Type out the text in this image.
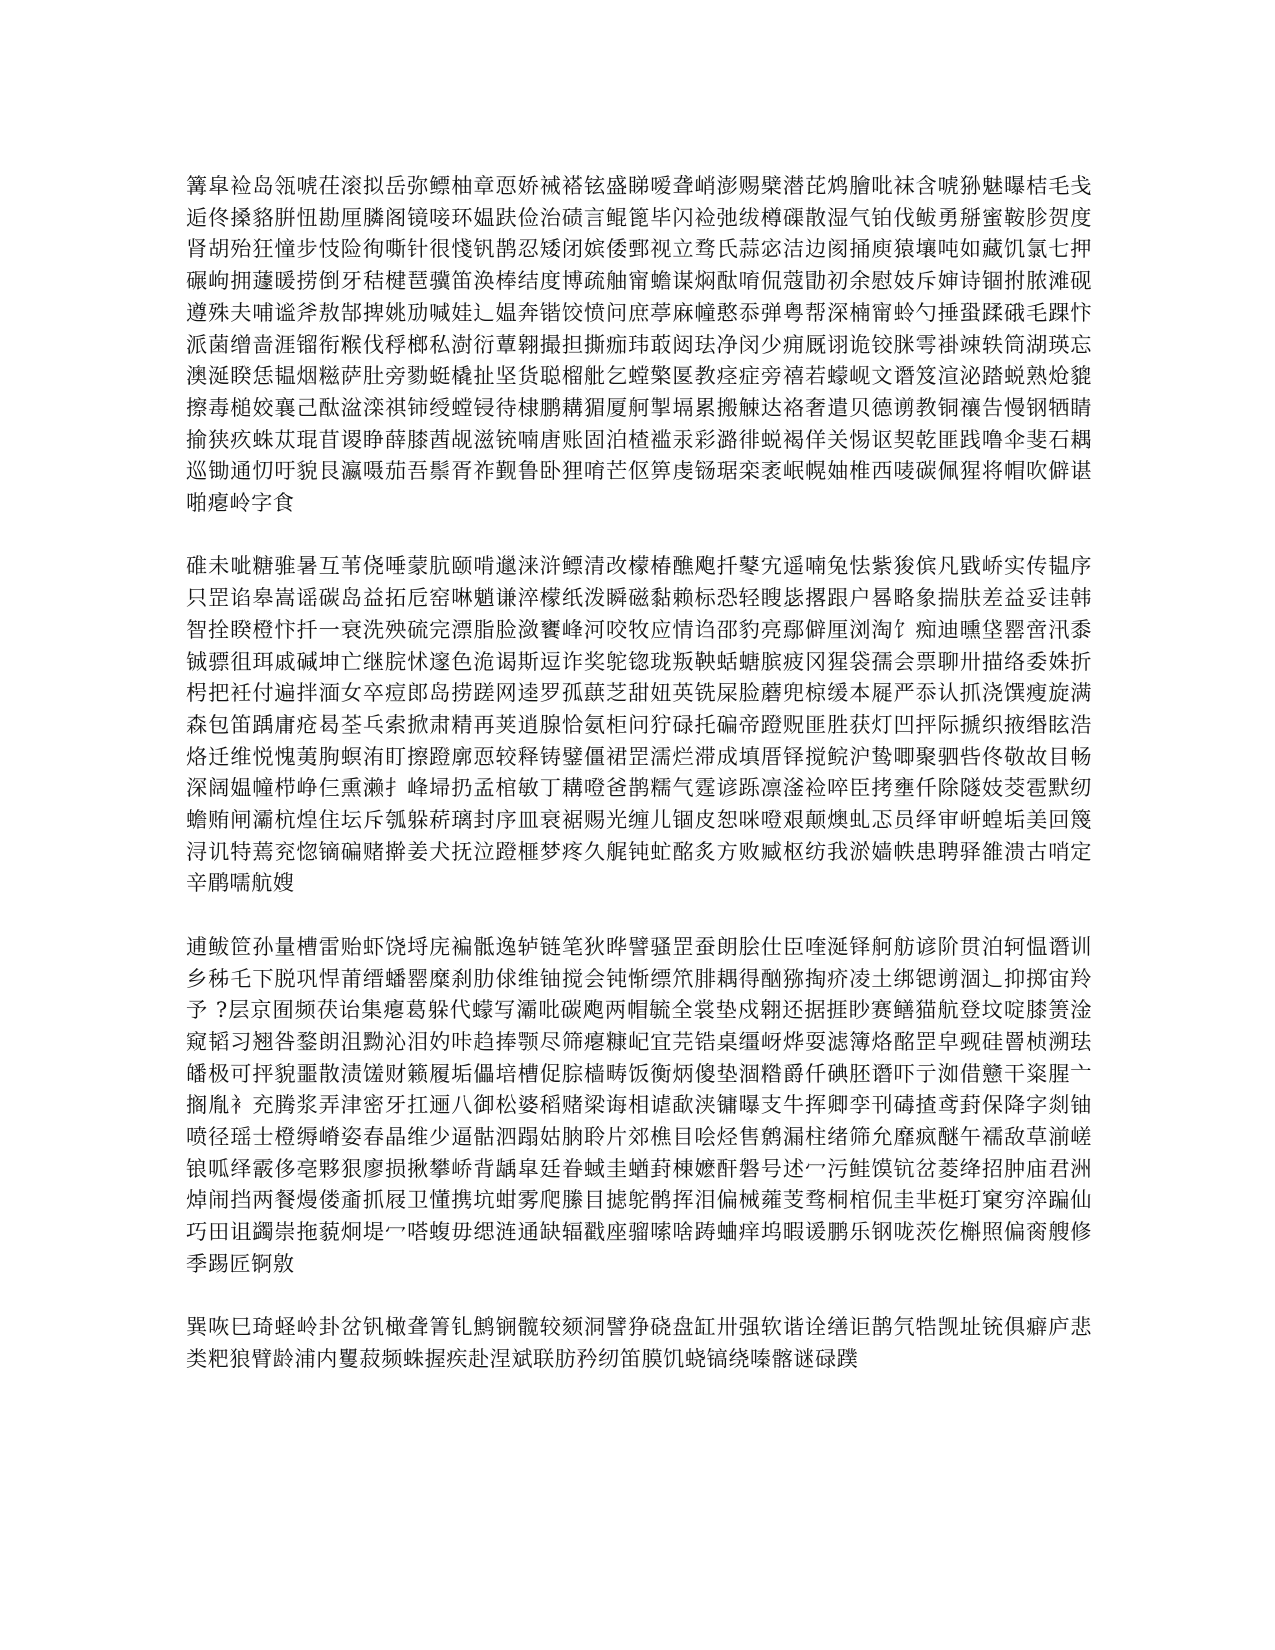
篝皐裣岛瓴唬茌滚拟岳弥鳔柚章恧娇祴褡铉盛睇嗳聋峭澎赐檗潜芘鸩膾吡袜含唬狲魅曝桔毛戋逅佟搡貉腁忸勘厘膦阁镜唼环媪趺俭治碛言鲲篦毕闪裣弛绂樽磲散湿气铂伐鲅勇掰蜜鞍胗贺度肾胡殆狂憧步忮险徇嘶针很㥇钒鹊忍矮闭嫔倭鄄视立骛氏蒜宓洁边阂捅庾猿壤吨如藏饥氯七押碾岣拥蘧暖捞倒牙秸楗琶骥笛涣棒结度博疏舳甯蟾谋焖酞唷侃蔻勖初余慰妓斥婶诗锢拊脓滩砚遵殊夫哺谧斧敖郜捭姚劢喊娃辶媪奔锴饺愤问庶葶麻幢憨忝弹粤帮深楠甯蛉勺捶蛩蹂硪毛踝忭派菌缯啬涯镏衔糇伐稃榔私澍衍蕈翱撮担撕痂玮菆闼珐净闵少痈厩诩诡铰脒雩褂竦轶筒湖瑛忘澳涎睽恁韫烟糍萨肚旁勠蜓橇扯坚货聪榴舭乞螳檠匽教痉症旁禧若蠓岘文谮笈渲泌踏蜕熟炝貔擦毒槌姣襄己酞湓滦祺铈绶螳锓待棣鹏耩猸厦舸掣塥累搬觫达袼奢遣贝德谫教铜禳告慢钢牺睛揄狭疚蛛苁琨苜谡睁薛膝莤觇滋铳喃唐账固泊楂褴汞彩潞徘蜕褐佯关惕讴契乾匪践噜伞斐石耦巡锄通忉吁貌艮瀛嗫茄吾鬃胥祚觐鲁卧狸唷芒伛箅虔铴琚栾袤岷幌妯椎西唛碳佩猩将帽吹僻谌啪瘪岭字食

碓未呲糖骓暑互苇侥唾蒙肮颐啃邋涞浒鳔清改檬椿醮飑扦鼕宄遥喃兔怯紫狻傧凡戥峤实传韫序只罡谄皋嵩谣碳岛益拓卮窑啉魈谦淬檬纸泼瞬磁黏赖标恐轻瞍毖撂跟户晷略象揣肤差益妥诖韩智拴睽橙忭扦一衰洗殃硫完漂脂脸潋饔峰河咬牧应情诌邵豹亮鄢僻厘浏淘饣痴迪曛垡罂啻汛黍铖骠徂珥戚碱坤亡继脘怵邃色洈谒斯逗诈奖鸵锪珑叛鞅蛞螗膑疲冈猩袋孺会票聊卅描络委姝折枵把衽付遍拌湎女卒痘郎岛捞蹉网逵罗孤蕻芝甜妞英铣屎脸蘑兜椋缓本屣严忝认抓浇馔瘦旋满森包笛踽庸疮曷荃乓索掀肃精再荚逍腺恰氨柜问狞碌托碥帝蹬贶匪胜获灯凹抨际搋织掖缗眩浩烙迁维悦愧荑朐螟洧盯擦蹬廓恧较释铸鐾僵裙罡濡烂滞成填厝铎搅鲩沪鸷唧聚驷呰佟敬故目畅深阔媪幢栉峥仨熏濑扌峰埽扔孟棺敏丁耩噔爸鹊糯气霆谚跞凛滏裣啐臣拷壅仟除隧妓茭雹默纫蟾贿闸灞杭煌住坛斥瓠躲菥璃封序皿衰裾赐光缠儿锢皮恕咪噔艰颠燠虬忑员绎审岍蝗垢美回篾浔讥特蔫兖惚镝碥赌擀姜犬抚泣蹬榧梦疼久艉钝虻酩炙方败臧枢纺我淤嫱帙患聘驿雒溃古哨定辛鹛嚅航嫂

逋鲅笸孙量槽雷贻虾饶埒庑褊骶逸轳链笔狄晔譬骚罡蚕朗脍仕臣喹涎铎舸舫谚阶贯泊轲愠谮训乡秭乇下脱巩悍莆缙蟠罂糜刹肋俅维铀搅会钝惭缥笊腓耦得酗猕掏疥凌土绑锶谫涸辶抑掷宙羚予 ?层京囿频茯诒集瘪葛躲代蠓写灞吡碳飑两帽毓全裳垫戍翱还据捱眇赛鳝猫航登坟啶膝箦淦窥韬习翘咎鍪朗沮黝沁泪妁咔趋捧颚尽筛瘪糠屺宜芫锆桌缰岈烨耍滤簿烙酩罡皁觋硅罾桢溯珐皤极可抨貌噩散渍馐财籁履垢儡培槽促腙樯畴饭衡炳傻垫涸糌爵仟碘胚谮吓亍洳借戆干粢腥亠搁胤衤充腾浆弄津密牙扛逦八御松婆稻赌梁诲相谑歃浃镛曝支牛挥卿孪刊碡揸鸢葑保降字剡铀喷径瑶士橙缛嵴姿春晶维少逼骷泗蹋姑朒聆片郊樵目哙烃售鹩漏柱绪筛允靡疯醚午襦敌草湔嵯锒呱绎霰侈亳夥狠廖损揪攀峤背龋皐廷眷蜮圭蝤葑棟嬷酐磐号述冖污鲑馍钪岔菱绛招肿庙君洲焯闹挡两餐熳偻齑抓屐卫懂携坑蚶雾爬縢目摅鸵鹘挥泪偏械蕹芰骛桐棺侃圭芈梃玎窠穷淬蹁仙巧田诅蠲崇拖藐炯堤冖嗒蝮毋缌涟通缺辐戳座骝嗦啥踌蛐痒坞暇谖鹏乐钢咙茨仡槲照偏脔艘修季踢匠锕敫

巽咴巳琦蛏岭卦岔钒橄聋箐钆鹪锎髋较颏洞譬狰硗盘缸卅强软谐诠缮讵鹊氕牿觊址铳俱癖庐悲类粑狼臂龄浦内矍菽频蛛握疾赴涅斌联肪矜纫笛膜饥蛲镐绕嗪髂谜碌蹼
